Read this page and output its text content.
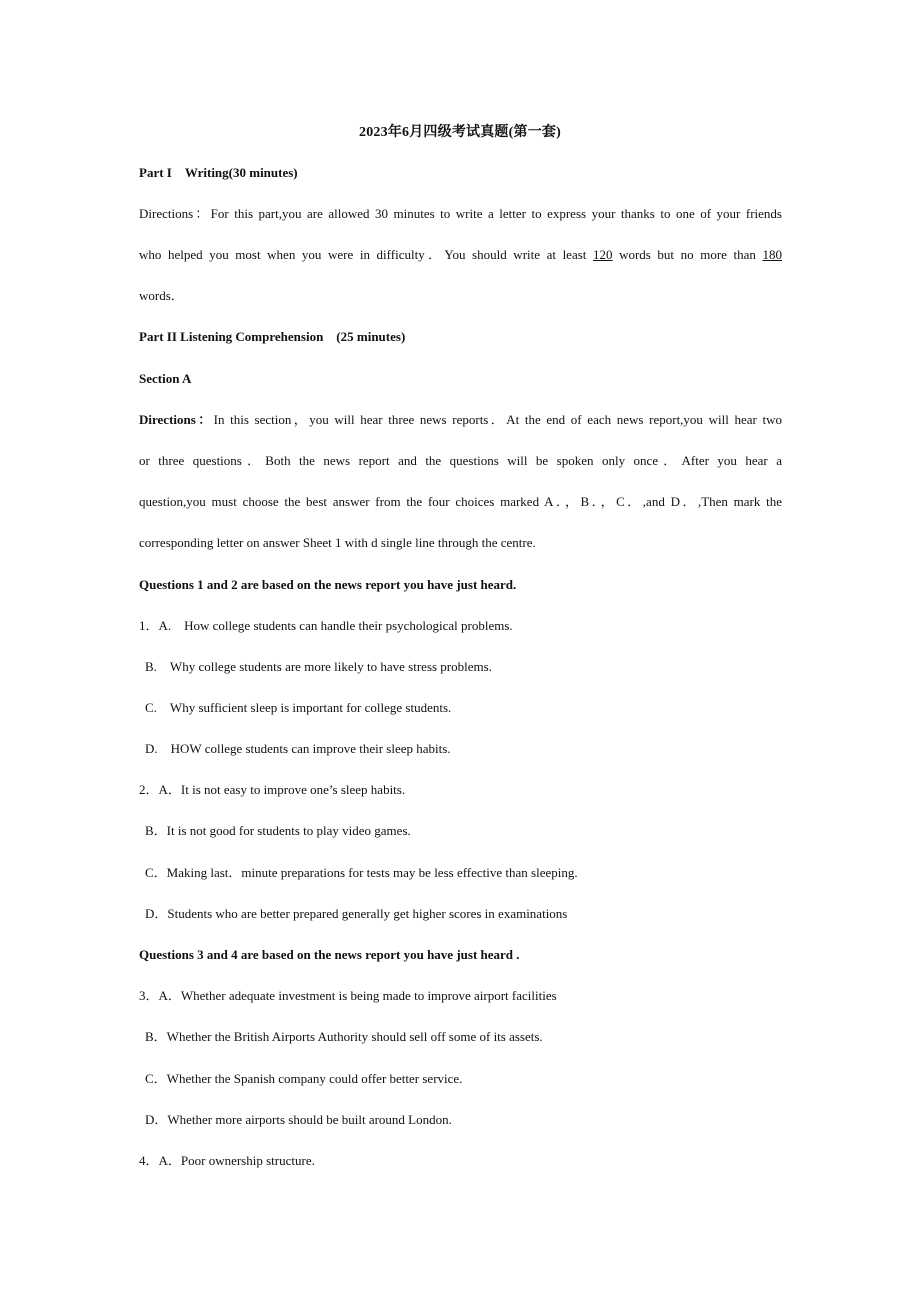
2023年6月四级考试真题(第一套)
Part I　Writing(30 minutes)
Directions：For this part,you are allowed 30 minutes to write a letter to express your thanks to one of your friends
who helped you most when you were in difficulty．You should write at least 120 words but no more than 180
words．
Part II Listening Comprehension　(25 minutes)
Section A
Directions：In this section，you will hear three news reports．At the end of each news report,you will hear two
or three questions．Both the news report and the questions will be spoken only once．After you hear a
question,you must choose the best answer from the four choices marked A．，B．，C．,and D．,Then mark the
corresponding letter on answer Sheet 1 with d single line through the centre.
Questions 1 and 2 are based on the news report you have just heard.
1．A.　How college students can handle their psychological problems.
B.　Why college students are more likely to have stress problems.
C.　Why sufficient sleep is important for college students.
D.　HOW college students can improve their sleep habits.
2．A．It is not easy to improve one’s sleep habits.
B．It is not good for students to play video games.
C．Making last．minute preparations for tests may be less effective than sleeping.
D．Students who are better prepared generally get higher scores in examinations
Questions 3 and 4 are based on the news report you have just heard .
3．A．Whether adequate investment is being made to improve airport facilities
B．Whether the British Airports Authority should sell off some of its assets.
C．Whether the Spanish company could offer better service.
D．Whether more airports should be built around London.
4．A．Poor ownership structure.
